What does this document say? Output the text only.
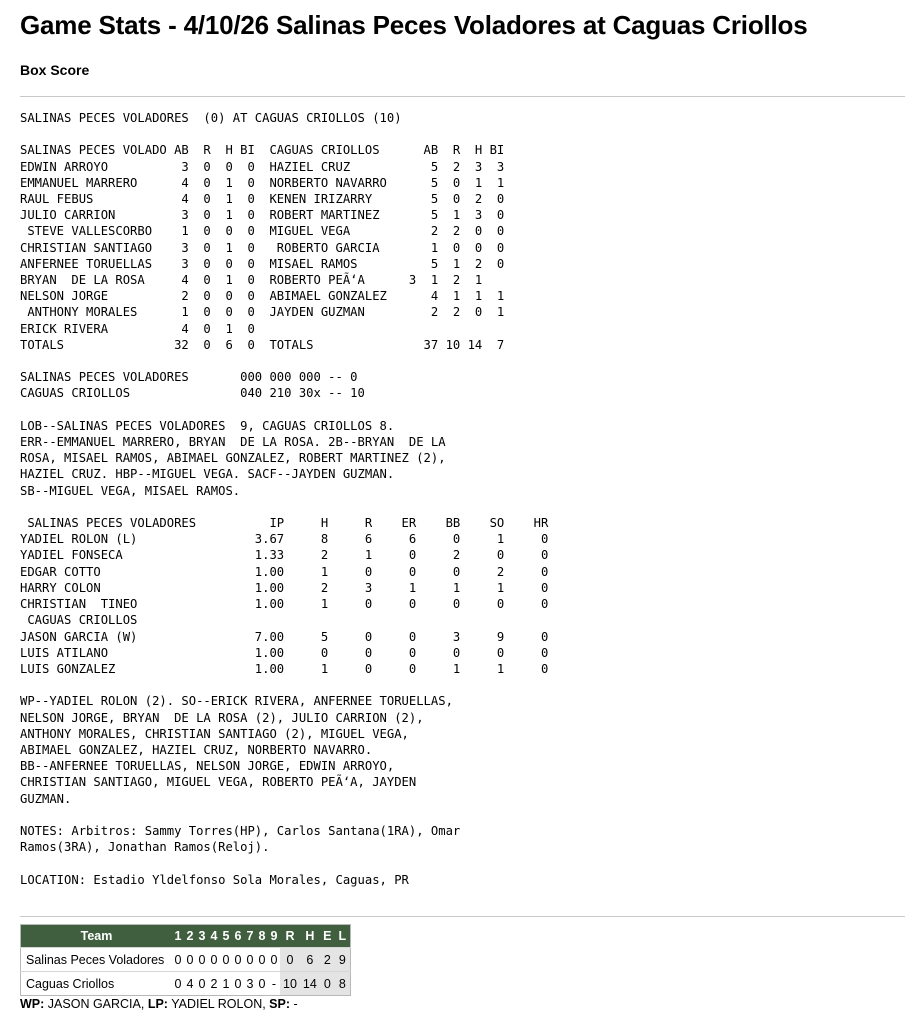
Game Stats - 4/10/26 Salinas Peces Voladores at Caguas Criollos
Box Score
SALINAS PECES VOLADORES  (0) AT CAGUAS CRIOLLOS (10)

SALINAS PECES VOLADO AB  R  H BI  CAGUAS CRIOLLOS      AB  R  H BI
EDWIN ARROYO          3  0  0  0  HAZIEL CRUZ           5  2  3  3
EMMANUEL MARRERO      4  0  1  0  NORBERTO NAVARRO      5  0  1  1
RAUL FEBUS            4  0  1  0  KENEN IRIZARRY        5  0  2  0
JULIO CARRION         3  0  1  0  ROBERT MARTINEZ       5  1  3  0
STEVE VALLESCORBO    1  0  0  0  MIGUEL VEGA           2  2  0  0
CHRISTIAN SANTIAGO    3  0  1  0   ROBERTO GARCIA       1  0  0  0
ANFERNEE TORUELLAS    3  0  0  0  MISAEL RAMOS          5  1  2  0
BRYAN  DE LA ROSA     4  0  1  0  ROBERTO PEÃ‘A      3  1  2  1
NELSON JORGE          2  0  0  0  ABIMAEL GONZALEZ      4  1  1  1
ANTHONY MORALES      1  0  0  0  JAYDEN GUZMAN         2  2  0  1
ERICK RIVERA          4  0  1  0
TOTALS               32  0  6  0  TOTALS               37 10 14  7

SALINAS PECES VOLADORES       000 000 000 -- 0
CAGUAS CRIOLLOS               040 210 30x -- 10

LOB--SALINAS PECES VOLADORES  9, CAGUAS CRIOLLOS 8.
ERR--EMMANUEL MARRERO, BRYAN  DE LA ROSA. 2B--BRYAN  DE LA
ROSA, MISAEL RAMOS, ABIMAEL GONZALEZ, ROBERT MARTINEZ (2),
HAZIEL CRUZ. HBP--MIGUEL VEGA. SACF--JAYDEN GUZMAN.
SB--MIGUEL VEGA, MISAEL RAMOS.

SALINAS PECES VOLADORES          IP     H     R    ER    BB    SO    HR
YADIEL ROLON (L)                3.67     8     6     6     0     1     0
YADIEL FONSECA                  1.33     2     1     0     2     0     0
EDGAR COTTO                     1.00     1     0     0     0     2     0
HARRY COLON                     1.00     2     3     1     1     1     0
CHRISTIAN  TINEO                1.00     1     0     0     0     0     0
CAGUAS CRIOLLOS
JASON GARCIA (W)                7.00     5     0     0     3     9     0
LUIS ATILANO                    1.00     0     0     0     0     0     0
LUIS GONZALEZ                   1.00     1     0     0     1     1     0

WP--YADIEL ROLON (2). SO--ERICK RIVERA, ANFERNEE TORUELLAS,
NELSON JORGE, BRYAN  DE LA ROSA (2), JULIO CARRION (2),
ANTHONY MORALES, CHRISTIAN SANTIAGO (2), MIGUEL VEGA,
ABIMAEL GONZALEZ, HAZIEL CRUZ, NORBERTO NAVARRO.
BB--ANFERNEE TORUELLAS, NELSON JORGE, EDWIN ARROYO,
CHRISTIAN SANTIAGO, MIGUEL VEGA, ROBERTO PEÃ‘A, JAYDEN
GUZMAN.

NOTES: Arbitros: Sammy Torres(HP), Carlos Santana(1RA), Omar
Ramos(3RA), Jonathan Ramos(Reloj).

LOCATION: Estadio Yldelfonso Sola Morales, Caguas, PR
Team	1	2	3	4	5	6	7	8	9	R	H	E	L
Salinas Peces Voladores	0	0	0	0	0	0	0	0	0	0	6	2	9
Caguas Criollos	0	4	0	2	1	0	3	0	-	10	14	0	8
WP: JASON GARCIA, LP: YADIEL ROLON, SP: -
